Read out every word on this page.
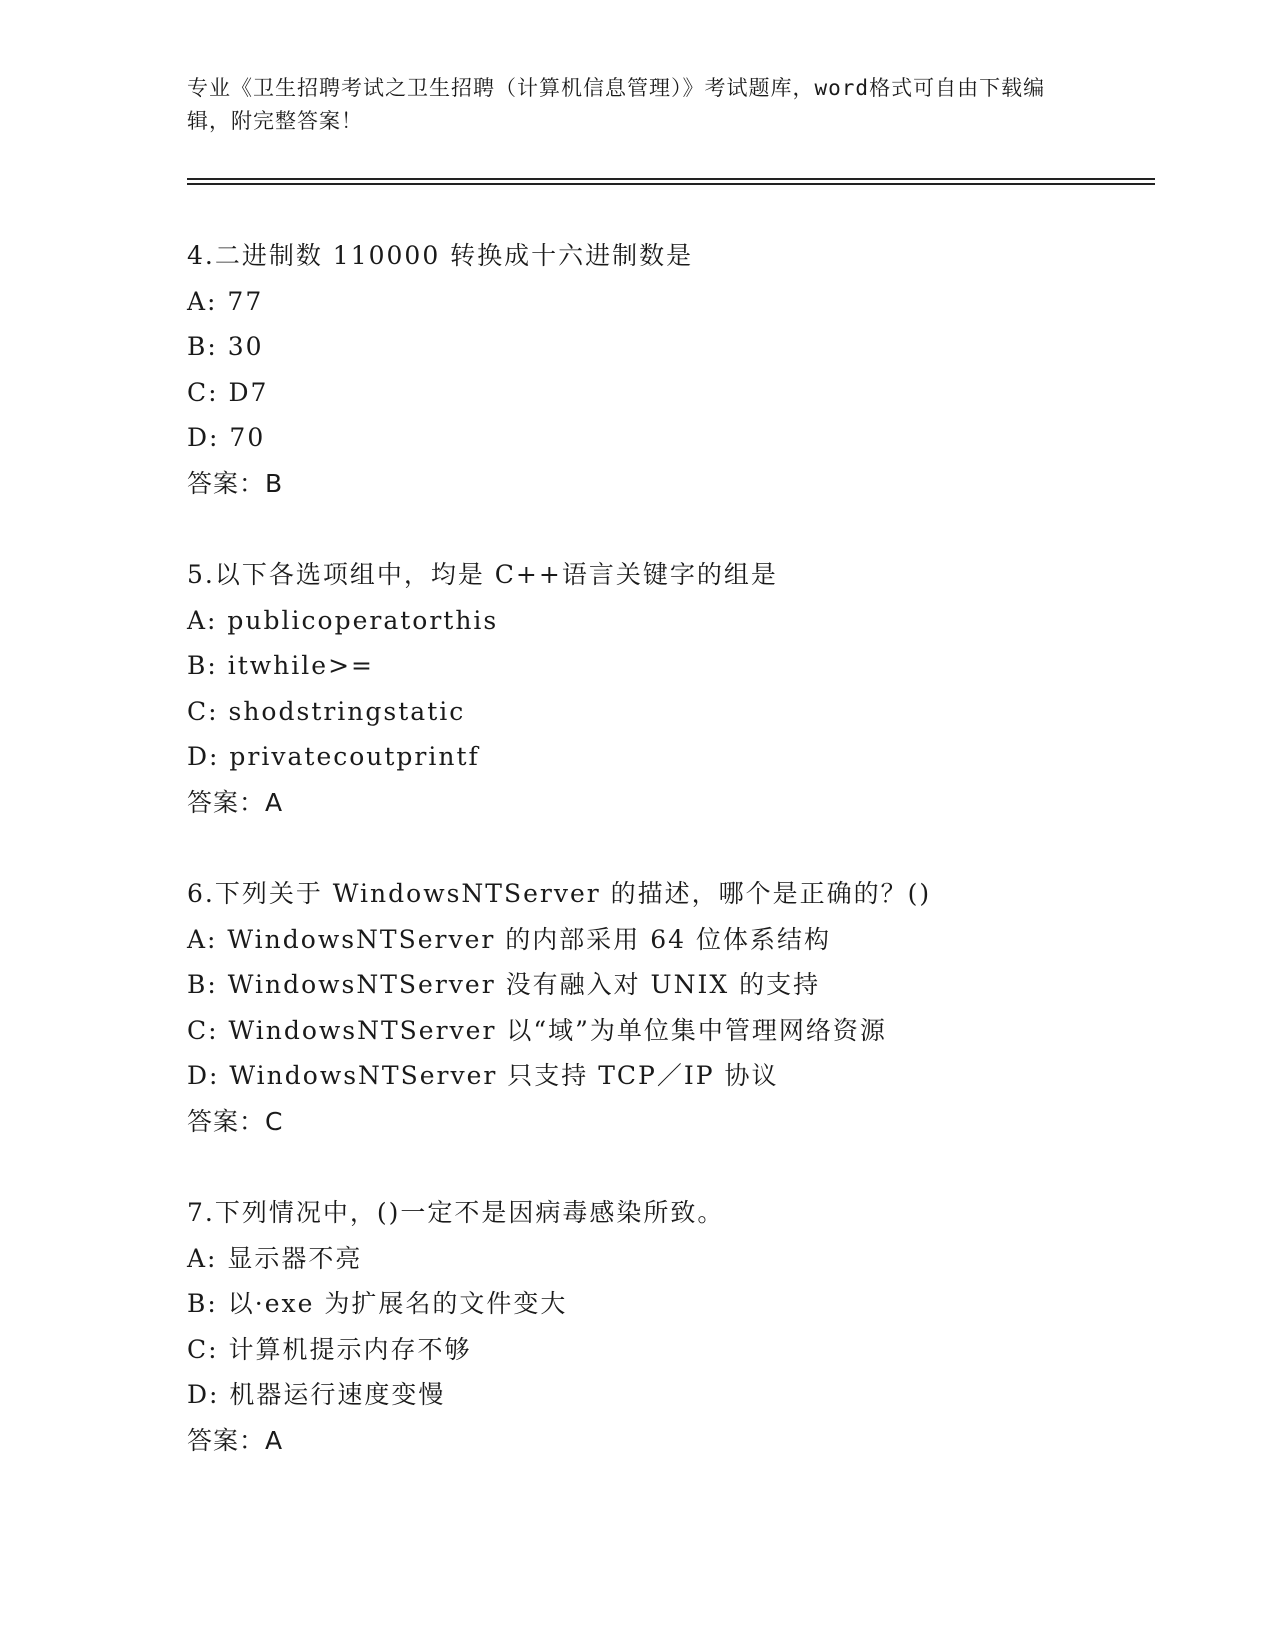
专业《卫生招聘考试之卫生招聘（计算机信息管理）》考试题库，word格式可自由下载编辑，附完整答案！
4.二进制数 110000 转换成十六进制数是
A: 77
B: 30
C: D7
D: 70
答案：B
5.以下各选项组中，均是 C++语言关键字的组是
A: publicoperatorthis
B: itwhile>=
C: shodstringstatic
D: privatecoutprintf
答案：A
6.下列关于 WindowsNTServer 的描述，哪个是正确的？()
A: WindowsNTServer 的内部采用 64 位体系结构
B: WindowsNTServer 没有融入对 UNIX 的支持
C: WindowsNTServer 以“域”为单位集中管理网络资源
D: WindowsNTServer 只支持 TCP／IP 协议
答案：C
7.下列情况中，()一定不是因病毒感染所致。
A: 显示器不亮
B: 以·exe 为扩展名的文件变大
C: 计算机提示内存不够
D: 机器运行速度变慢
答案：A
